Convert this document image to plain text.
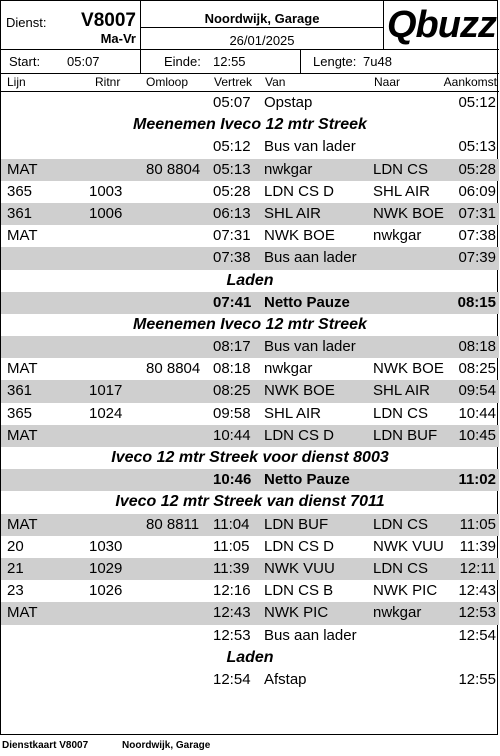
Dienst: V8007
Ma-Vr
Noordwijk, Garage
26/01/2025	Qbuzz
Start: 05:07	Einde: 12:55	Lengte: 7u48
Lijn	Ritnr Omloop Vertrek Van	Naar	Aankomst
05:07 Opstap	05:12
Meenemen Iveco 12 mtr Streek
05:12 Bus van lader	05:13
MAT	80 8804 05:13 nwkgar	LDN CS 05:28
365	1003	05:28 LDN CS D	SHL AIR 06:09
361	1006	06:13 SHL AIR	NWK BOE 07:31
MAT	07:31 NWK BOE	nwkgar 07:38
07:38 Bus aan lader	07:39
Laden
07:41 Netto Pauze	08:15
Meenemen Iveco 12 mtr Streek
08:17 Bus van lader	08:18
MAT	80 8804 08:18 nwkgar	NWK BOE 08:25
361	1017	08:25 NWK BOE	SHL AIR 09:54
365	1024	09:58 SHL AIR	LDN CS 10:44
MAT	10:44 LDN CS D	LDN BUF 10:45
Iveco 12 mtr Streek voor dienst 8003
10:46 Netto Pauze	11:02
Iveco 12 mtr Streek van dienst 7011
MAT	80 8811 11:04 LDN BUF	LDN CS 11:05
20	1030	11:05 LDN CS D	NWK VUU 11:39
21	1029	11:39 NWK VUU	LDN CS 12:11
23	1026	12:16 LDN CS B	NWK PIC 12:43
MAT	12:43 NWK PIC	nwkgar 12:53
12:53 Bus aan lader	12:54
Laden
12:54 Afstap	12:55
Dienstkaart V8007	Noordwijk, Garage
